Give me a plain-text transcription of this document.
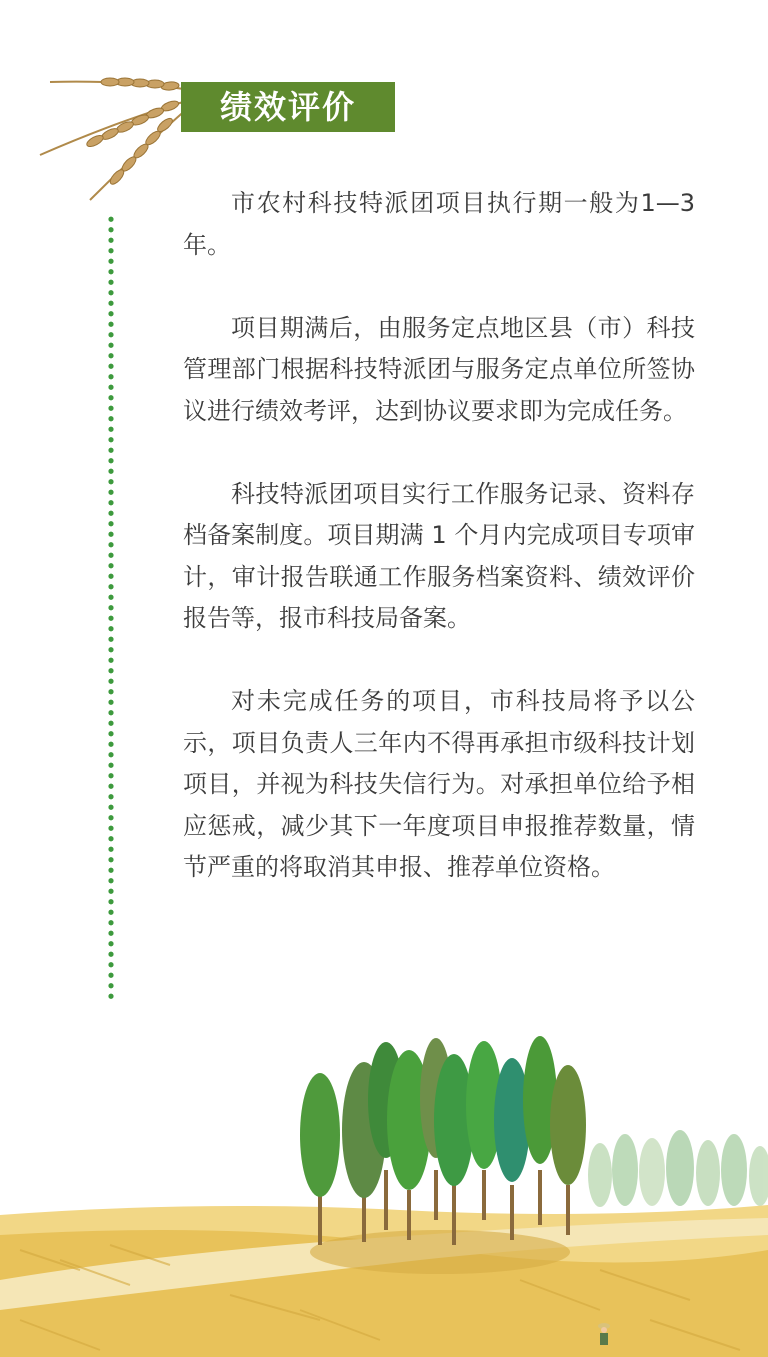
绩效评价

市农村科技特派团项目执行期一般为1—3 年。

项目期满后，由服务定点地区县（市）科技管理部门根据科技特派团与服务定点单位所签协议进行绩效考评，达到协议要求即为完成任务。

科技特派团项目实行工作服务记录、资料存档备案制度。项目期满 1 个月内完成项目专项审计，审计报告联通工作服务档案资料、绩效评价报告等，报市科技局备案。

对未完成任务的项目，市科技局将予以公示，项目负责人三年内不得再承担市级科技计划项目，并视为科技失信行为。对承担单位给予相应惩戒，减少其下一年度项目申报推荐数量，情节严重的将取消其申报、推荐单位资格。
